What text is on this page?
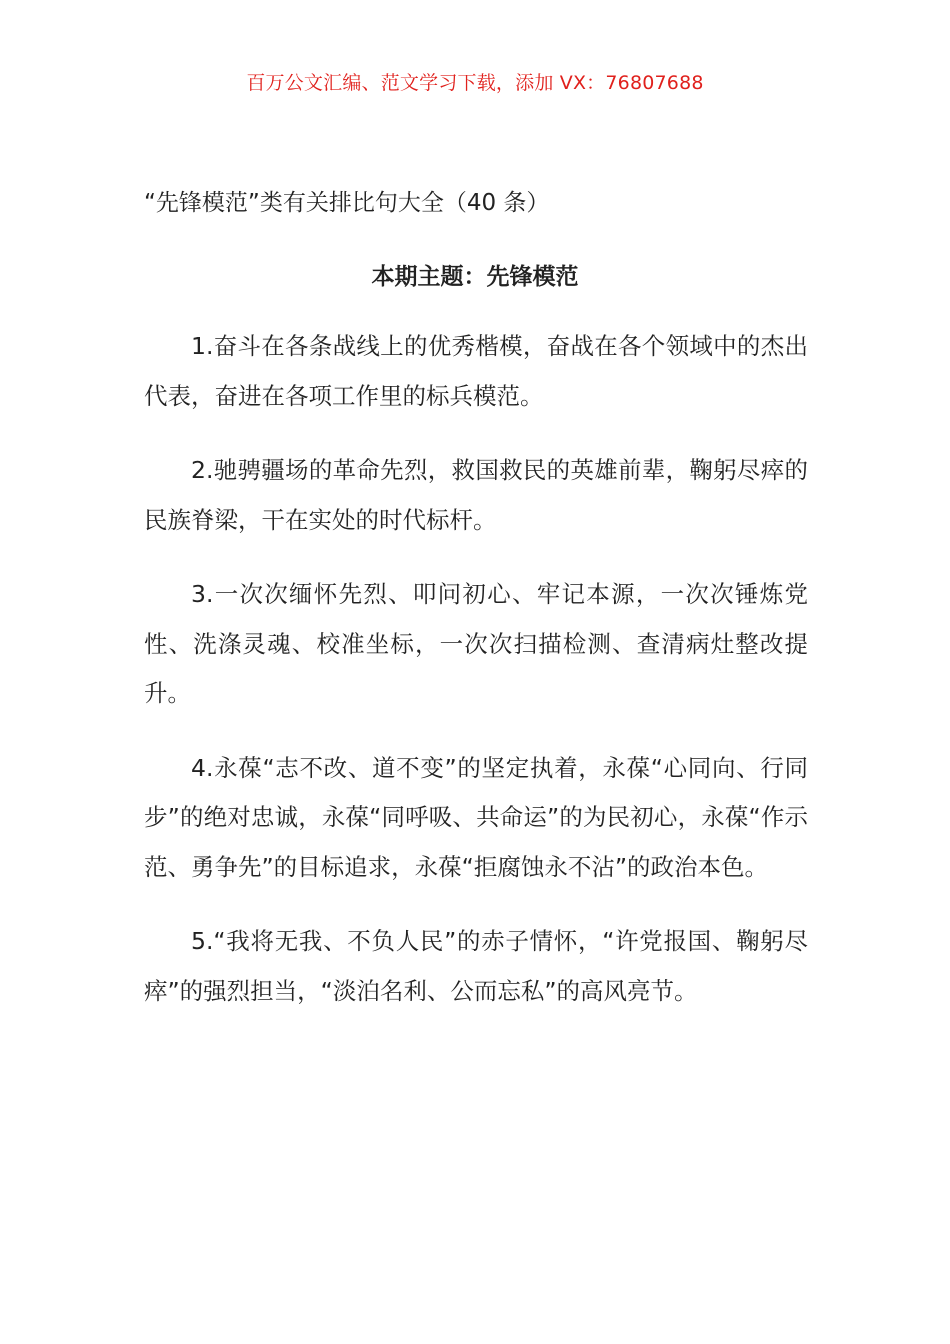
百万公文汇编、范文学习下载，添加 VX：76807688
“先锋模范”类有关排比句大全（40 条）
本期主题：先锋模范

1.奋斗在各条战线上的优秀楷模，奋战在各个领域中的杰出代表，奋进在各项工作里的标兵模范。

2.驰骋疆场的革命先烈，救国救民的英雄前辈，鞠躬尽瘁的民族脊梁，干在实处的时代标杆。

3.一次次缅怀先烈、叩问初心、牢记本源，一次次锤炼党性、洗涤灵魂、校准坐标，一次次扫描检测、查清病灶整改提升。

4.永葆“志不改、道不变”的坚定执着，永葆“心同向、行同步”的绝对忠诚，永葆“同呼吸、共命运”的为民初心，永葆“作示范、勇争先”的目标追求，永葆“拒腐蚀永不沾”的政治本色。

5.“我将无我、不负人民”的赤子情怀，“许党报国、鞠躬尽瘁”的强烈担当，“淡泊名利、公而忘私”的高风亮节。
